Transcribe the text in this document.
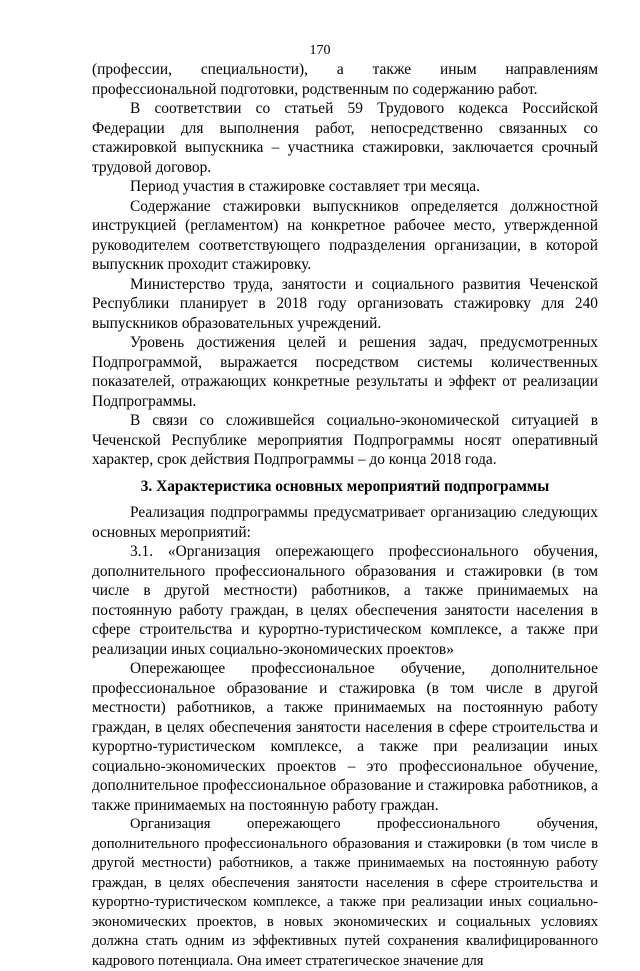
170

(профессии, специальности), а также иным направлениям профессиональной подготовки, родственным по содержанию работ.

В соответствии со статьей 59 Трудового кодекса Российской Федерации для выполнения работ, непосредственно связанных со стажировкой выпускника – участника стажировки, заключается срочный трудовой договор.

Период участия в стажировке составляет три месяца.

Содержание стажировки выпускников определяется должностной инструкцией (регламентом) на конкретное рабочее место, утвержденной руководителем соответствующего подразделения организации, в которой выпускник проходит стажировку.

Министерство труда, занятости и социального развития Чеченской Республики планирует в 2018 году организовать стажировку для 240 выпускников образовательных учреждений.

Уровень достижения целей и решения задач, предусмотренных Подпрограммой, выражается посредством системы количественных показателей, отражающих конкретные результаты и эффект от реализации Подпрограммы.

В связи со сложившейся социально-экономической ситуацией в Чеченской Республике мероприятия Подпрограммы носят оперативный характер, срок действия Подпрограммы – до конца 2018 года.

3. Характеристика основных мероприятий подпрограммы

Реализация подпрограммы предусматривает организацию следующих основных мероприятий:

3.1. «Организация опережающего профессионального обучения, дополнительного профессионального образования и стажировки (в том числе в другой местности) работников, а также принимаемых на постоянную работу граждан, в целях обеспечения занятости населения в сфере строительства и курортно-туристическом комплексе, а также при реализации иных социально-экономических проектов»

Опережающее профессиональное обучение, дополнительное профессиональное образование и стажировка (в том числе в другой местности) работников, а также принимаемых на постоянную работу граждан, в целях обеспечения занятости населения в сфере строительства и курортно-туристическом комплексе, а также при реализации иных социально-экономических проектов – это профессиональное обучение, дополнительное профессиональное образование и стажировка работников, а также принимаемых на постоянную работу граждан.

Организация опережающего профессионального обучения, дополнительного профессионального образования и стажировки (в том числе в другой местности) работников, а также принимаемых на постоянную работу граждан, в целях обеспечения занятости населения в сфере строительства и курортно-туристическом комплексе, а также при реализации иных социально-экономических проектов, в новых экономических и социальных условиях должна стать одним из эффективных путей сохранения квалифицированного кадрового потенциала. Она имеет стратегическое значение для
